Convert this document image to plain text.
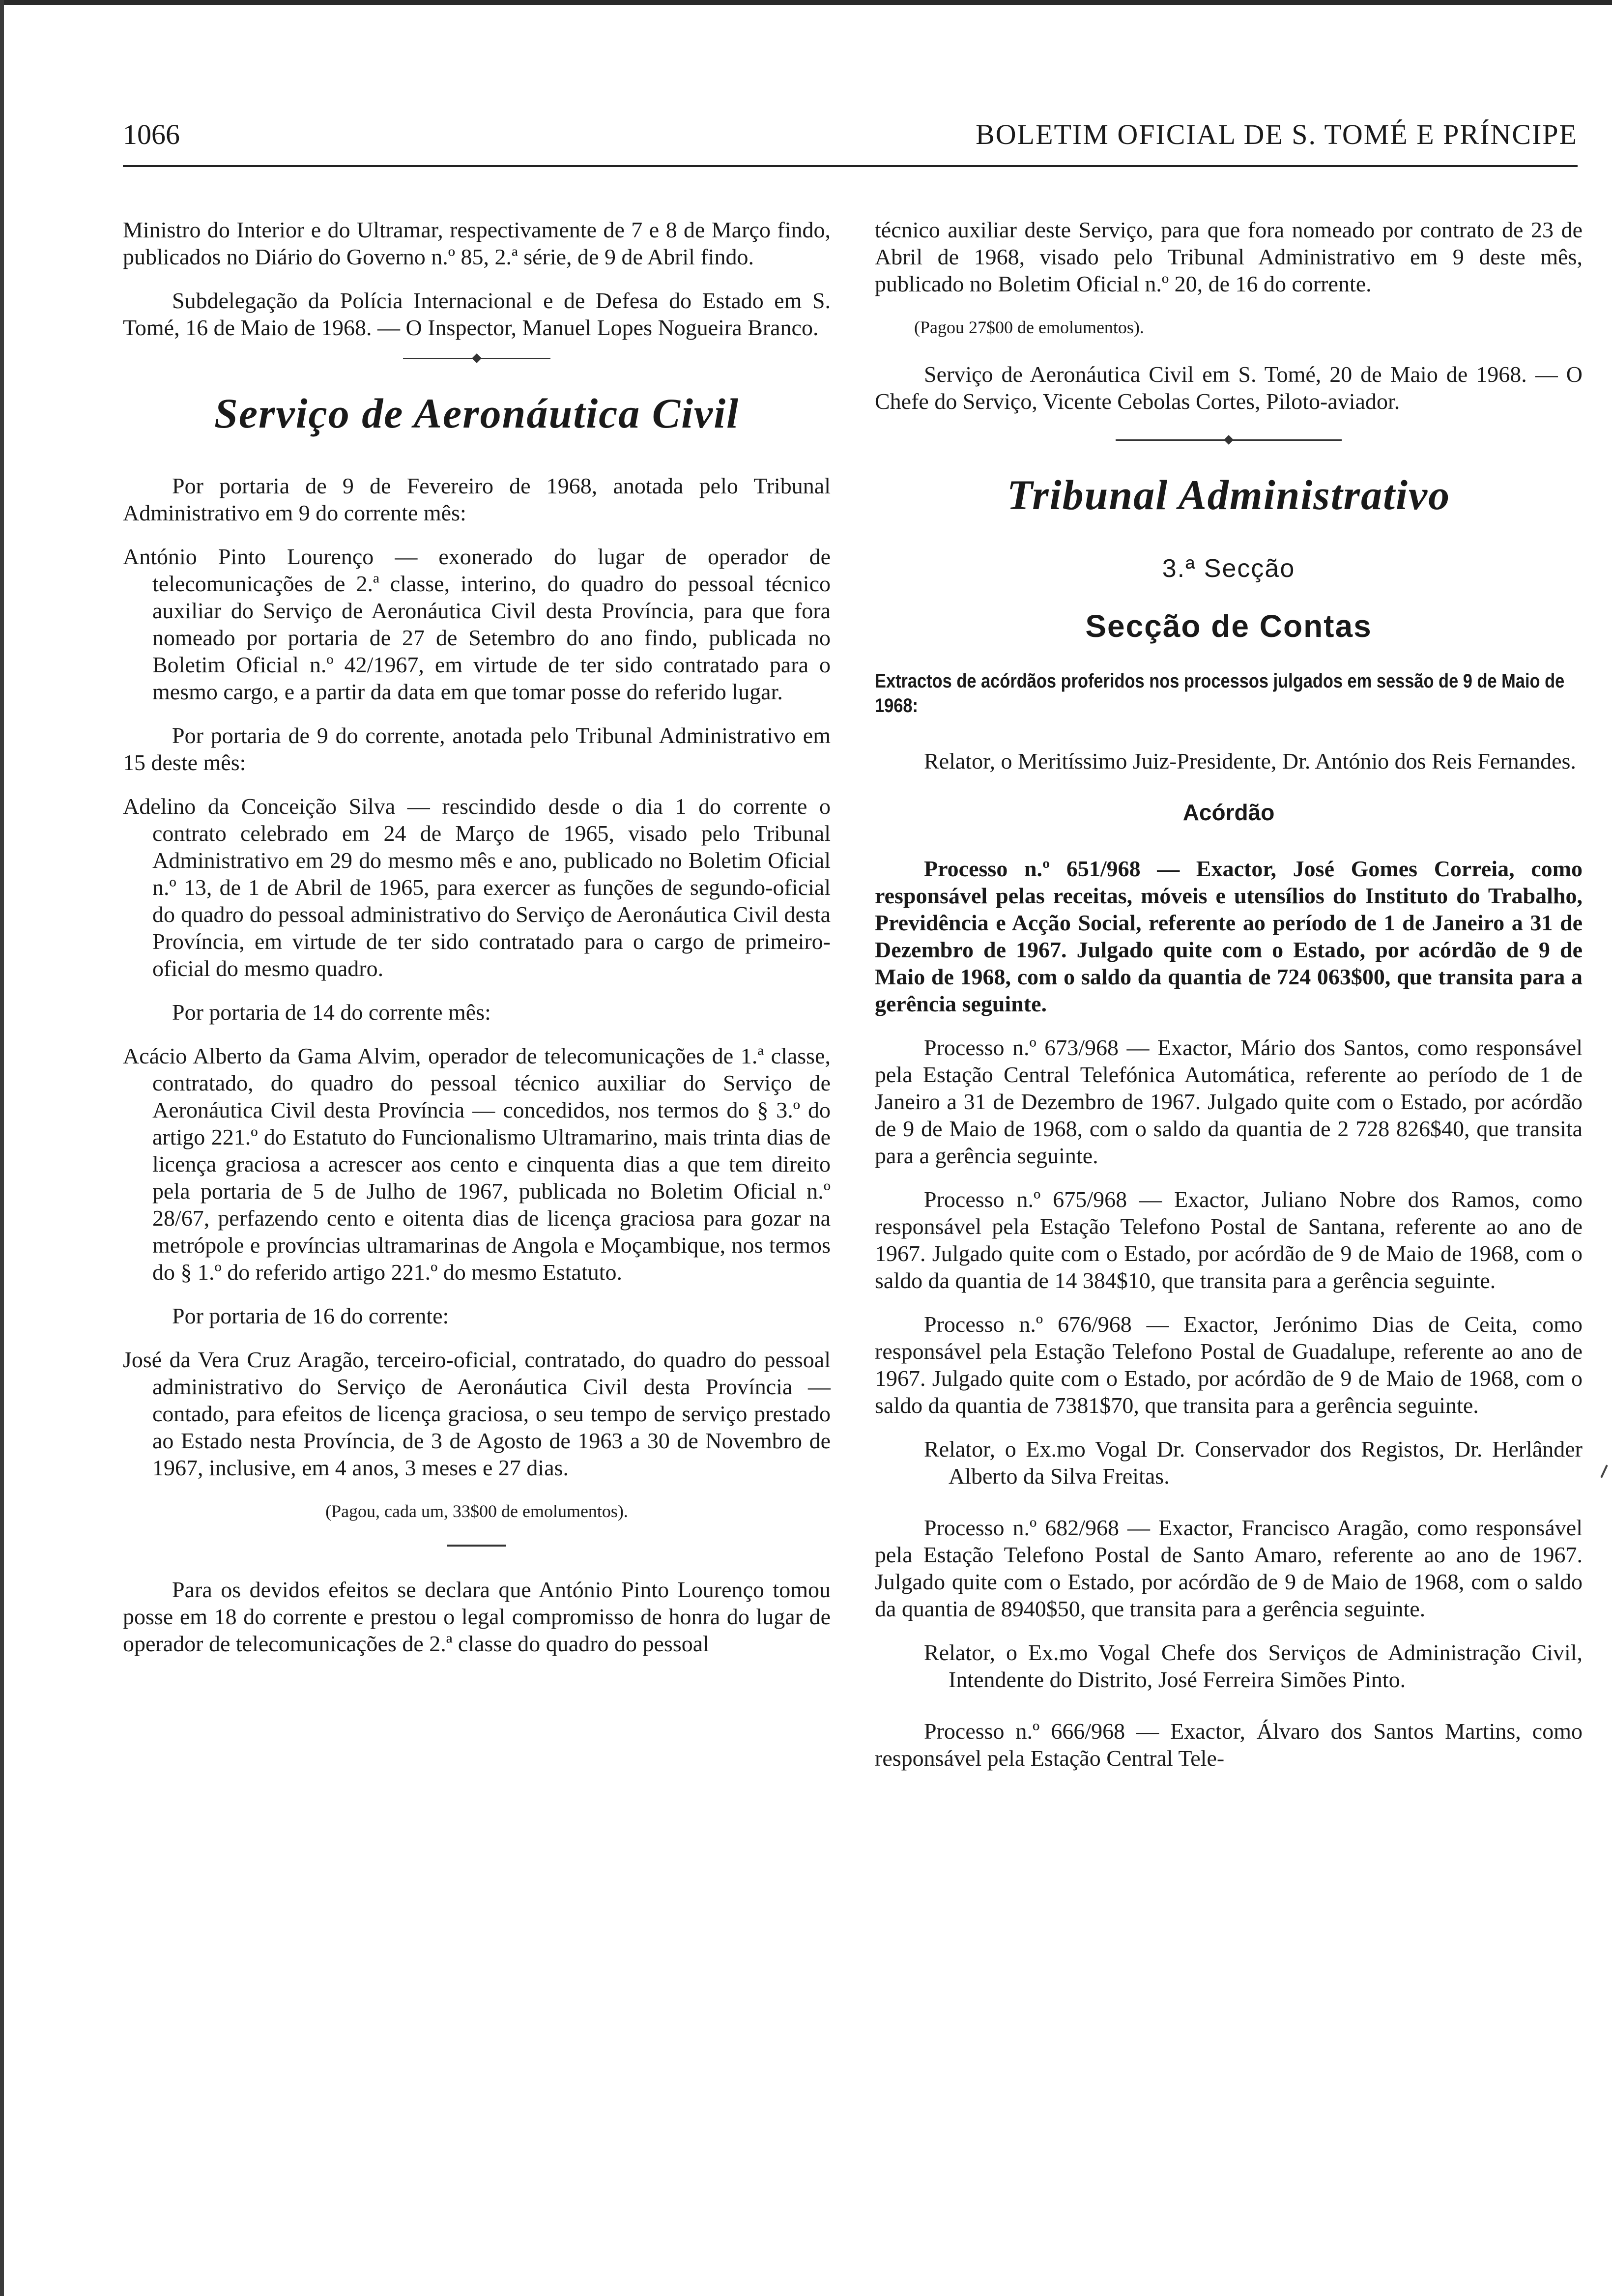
1066	BOLETIM OFICIAL DE S. TOMÉ E PRÍNCIPE

Ministro do Interior e do Ultramar, respectivamente de 7 e 8 de Março findo, publicados no Diário do Governo n.º 85, 2.ª série, de 9 de Abril findo.

Subdelegação da Polícia Internacional e de Defesa do Estado em S. Tomé, 16 de Maio de 1968. — O Inspector, Manuel Lopes Nogueira Branco.

Serviço de Aeronáutica Civil

Por portaria de 9 de Fevereiro de 1968, anotada pelo Tribunal Administrativo em 9 do corrente mês:

António Pinto Lourenço — exonerado do lugar de operador de telecomunicações de 2.ª classe, interino, do quadro do pessoal técnico auxiliar do Serviço de Aeronáutica Civil desta Província, para que fora nomeado por portaria de 27 de Setembro do ano findo, publicada no Boletim Oficial n.º 42/1967, em virtude de ter sido contratado para o mesmo cargo, e a partir da data em que tomar posse do referido lugar.

Por portaria de 9 do corrente, anotada pelo Tribunal Administrativo em 15 deste mês:

Adelino da Conceição Silva — rescindido desde o dia 1 do corrente o contrato celebrado em 24 de Março de 1965, visado pelo Tribunal Administrativo em 29 do mesmo mês e ano, publicado no Boletim Oficial n.º 13, de 1 de Abril de 1965, para exercer as funções de segundo-oficial do quadro do pessoal administrativo do Serviço de Aeronáutica Civil desta Província, em virtude de ter sido contratado para o cargo de primeiro-oficial do mesmo quadro.

Por portaria de 14 do corrente mês:

Acácio Alberto da Gama Alvim, operador de telecomunicações de 1.ª classe, contratado, do quadro do pessoal técnico auxiliar do Serviço de Aeronáutica Civil desta Província — concedidos, nos termos do § 3.º do artigo 221.º do Estatuto do Funcionalismo Ultramarino, mais trinta dias de licença graciosa a acrescer aos cento e cinquenta dias a que tem direito pela portaria de 5 de Julho de 1967, publicada no Boletim Oficial n.º 28/67, perfazendo cento e oitenta dias de licença graciosa para gozar na metrópole e províncias ultramarinas de Angola e Moçambique, nos termos do § 1.º do referido artigo 221.º do mesmo Estatuto.

Por portaria de 16 do corrente:

José da Vera Cruz Aragão, terceiro-oficial, contratado, do quadro do pessoal administrativo do Serviço de Aeronáutica Civil desta Província — contado, para efeitos de licença graciosa, o seu tempo de serviço prestado ao Estado nesta Província, de 3 de Agosto de 1963 a 30 de Novembro de 1967, inclusive, em 4 anos, 3 meses e 27 dias.

(Pagou, cada um, 33$00 de emolumentos).

Para os devidos efeitos se declara que António Pinto Lourenço tomou posse em 18 do corrente e prestou o legal compromisso de honra do lugar de operador de telecomunicações de 2.ª classe do quadro do pessoal

técnico auxiliar deste Serviço, para que fora nomeado por contrato de 23 de Abril de 1968, visado pelo Tribunal Administrativo em 9 deste mês, publicado no Boletim Oficial n.º 20, de 16 do corrente.

(Pagou 27$00 de emolumentos).

Serviço de Aeronáutica Civil em S. Tomé, 20 de Maio de 1968. — O Chefe do Serviço, Vicente Cebolas Cortes, Piloto-aviador.

Tribunal Administrativo
3.ª Secção
Secção de Contas
Extractos de acórdãos proferidos nos processos julgados em sessão de 9 de Maio de 1968:

Relator, o Meritíssimo Juiz-Presidente, Dr. António dos Reis Fernandes.

Acórdão

Processo n.º 651/968 — Exactor, José Gomes Correia, como responsável pelas receitas, móveis e utensílios do Instituto do Trabalho, Previdência e Acção Social, referente ao período de 1 de Janeiro a 31 de Dezembro de 1967. Julgado quite com o Estado, por acórdão de 9 de Maio de 1968, com o saldo da quantia de 724 063$00, que transita para a gerência seguinte.

Processo n.º 673/968 — Exactor, Mário dos Santos, como responsável pela Estação Central Telefónica Automática, referente ao período de 1 de Janeiro a 31 de Dezembro de 1967. Julgado quite com o Estado, por acórdão de 9 de Maio de 1968, com o saldo da quantia de 2 728 826$40, que transita para a gerência seguinte.

Processo n.º 675/968 — Exactor, Juliano Nobre dos Ramos, como responsável pela Estação Telefono Postal de Santana, referente ao ano de 1967. Julgado quite com o Estado, por acórdão de 9 de Maio de 1968, com o saldo da quantia de 14 384$10, que transita para a gerência seguinte.

Processo n.º 676/968 — Exactor, Jerónimo Dias de Ceita, como responsável pela Estação Telefono Postal de Guadalupe, referente ao ano de 1967. Julgado quite com o Estado, por acórdão de 9 de Maio de 1968, com o saldo da quantia de 7381$70, que transita para a gerência seguinte.

Relator, o Ex.mo Vogal Dr. Conservador dos Registos, Dr. Herlânder Alberto da Silva Freitas.

Processo n.º 682/968 — Exactor, Francisco Aragão, como responsável pela Estação Telefono Postal de Santo Amaro, referente ao ano de 1967. Julgado quite com o Estado, por acórdão de 9 de Maio de 1968, com o saldo da quantia de 8940$50, que transita para a gerência seguinte.

Relator, o Ex.mo Vogal Chefe dos Serviços de Administração Civil, Intendente do Distrito, José Ferreira Simões Pinto.

Processo n.º 666/968 — Exactor, Álvaro dos Santos Martins, como responsável pela Estação Central Tele-
